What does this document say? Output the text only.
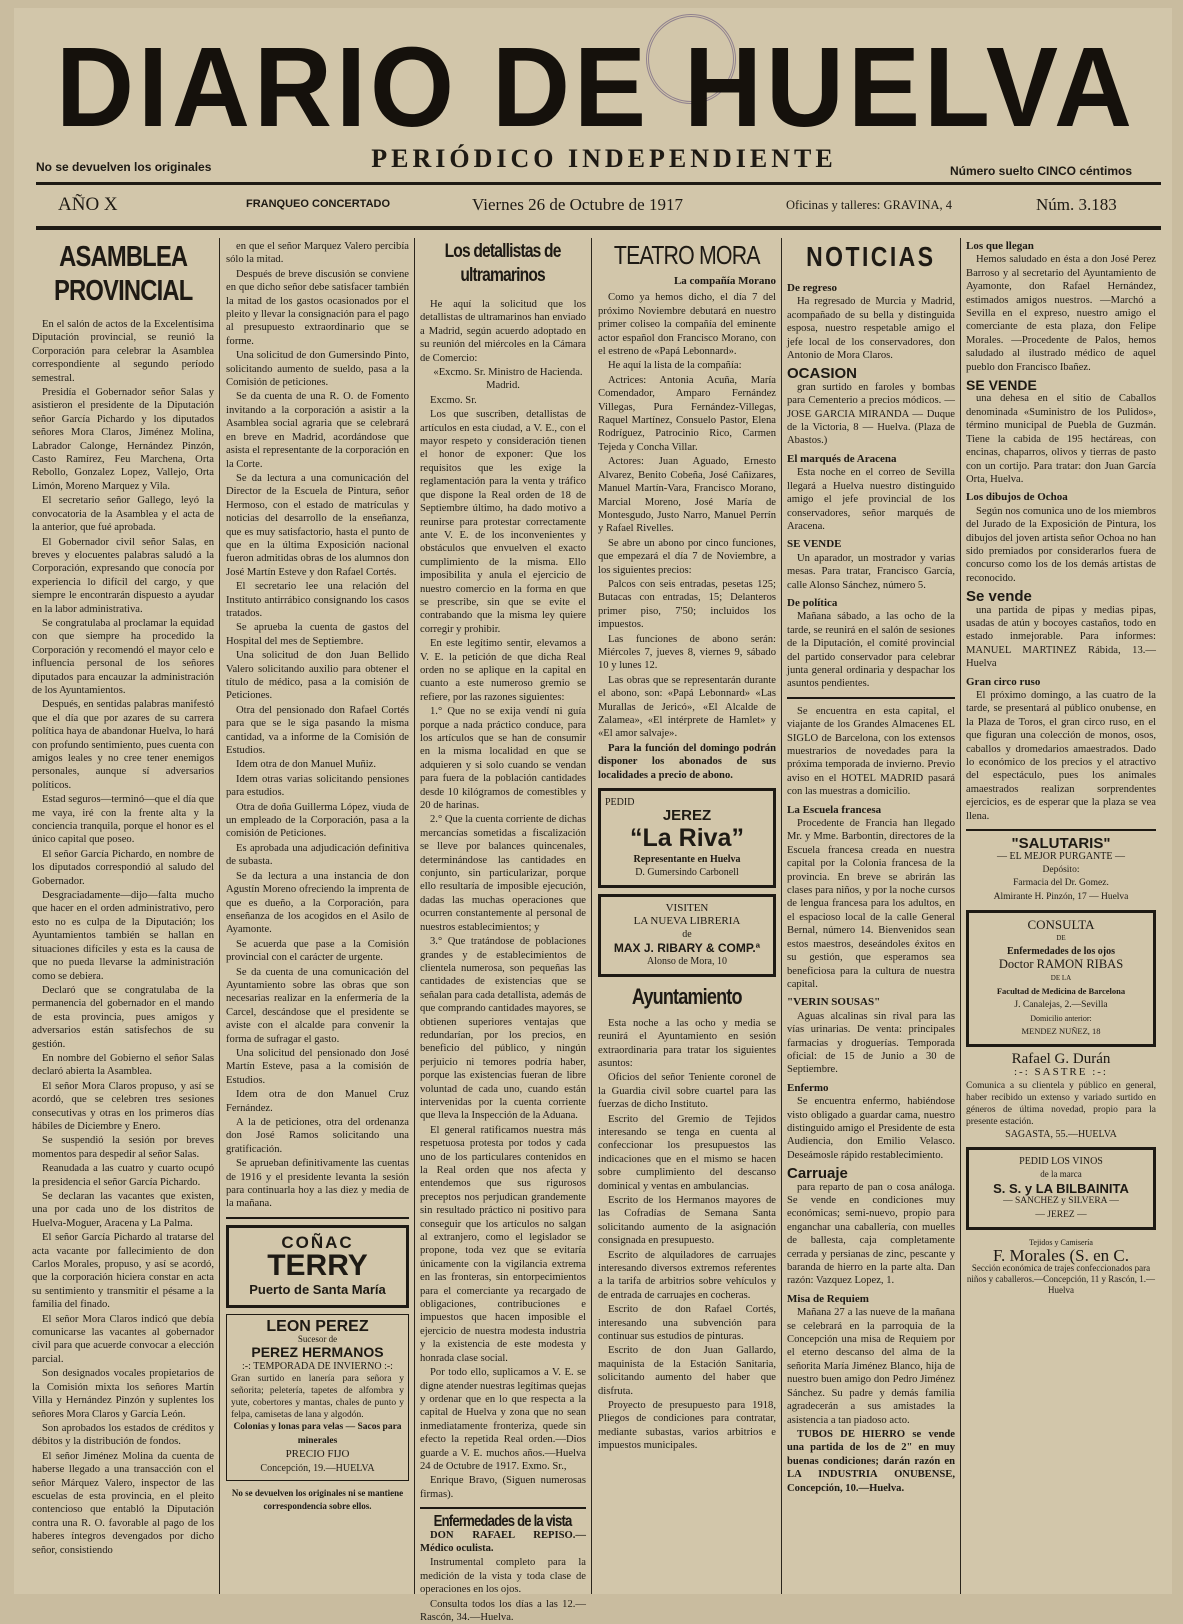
DIARIO DE HUELVA
No se devuelven los originales	PERIÓDICO INDEPENDIENTE	Número suelto CINCO céntimos
AÑO X	FRANQUEO CONCERTADO	Viernes 26 de Octubre de 1917	Oficinas y talleres: GRAVINA, 4	Núm. 3.183
ASAMBLEA PROVINCIAL

En el salón de actos de la Excelentísima Diputación provincial, se reunió la Corporación para celebrar la Asamblea correspondiente al segundo período semestral.

Presidía el Gobernador señor Salas y asistieron el presidente de la Diputación señor García Pichardo y los diputados señores Mora Claros, Jiménez Molina, Labrador Calonge, Hernández Pinzón, Casto Ramírez, Feu Marchena, Orta Rebollo, Gonzalez Lopez, Vallejo, Orta Limón, Moreno Marquez y Vila.

El secretario señor Gallego, leyó la convocatoria de la Asamblea y el acta de la anterior, que fué aprobada.

El Gobernador civil señor Salas, en breves y elocuentes palabras saludó a la Corporación, expresando que conocía por experiencia lo difícil del cargo, y que siempre le encontrarán dispuesto a ayudar en la labor administrativa.

Se congratulaba al proclamar la equidad con que siempre ha procedido la Corporación y recomendó el mayor celo e influencia personal de los señores diputados para encauzar la administración de los Ayuntamientos.

Después, en sentidas palabras manifestó que el día que por azares de su carrera política haya de abandonar Huelva, lo hará con profundo sentimiento, pues cuenta con amigos leales y no cree tener enemigos personales, aunque sí adversarios políticos.

Estad seguros—terminó—que el día que me vaya, iré con la frente alta y la conciencia tranquila, porque el honor es el único capital que poseo.

El señor García Pichardo, en nombre de los diputados correspondió al saludo del Gobernador.

Desgraciadamente—dijo—falta mucho que hacer en el orden administrativo, pero esto no es culpa de la Diputación; los Ayuntamientos también se hallan en situaciones difíciles y esta es la causa de que no pueda llevarse la administración como se debiera.

Declaró que se congratulaba de la permanencia del gobernador en el mando de esta provincia, pues amigos y adversarios están satisfechos de su gestión.

En nombre del Gobierno el señor Salas declaró abierta la Asamblea.

El señor Mora Claros propuso, y así se acordó, que se celebren tres sesiones consecutivas y otras en los primeros días hábiles de Diciembre y Enero.

Se suspendió la sesión por breves momentos para despedir al señor Salas.

Reanudada a las cuatro y cuarto ocupó la presidencia el señor García Pichardo.

Se declaran las vacantes que existen, una por cada uno de los distritos de Huelva-Moguer, Aracena y La Palma.

El señor García Pichardo al tratarse del acta vacante por fallecimiento de don Carlos Morales, propuso, y así se acordó, que la corporación hiciera constar en acta su sentimiento y transmitir el pésame a la familia del finado.

El señor Mora Claros indicó que debía comunicarse las vacantes al gobernador civil para que acuerde convocar a elección parcial.

Son designados vocales propietarios de la Comisión mixta los señores Martín Villa y Hernández Pinzón y suplentes los señores Mora Claros y García León.

Son aprobados los estados de créditos y débitos y la distribución de fondos.

El señor Jiménez Molina da cuenta de haberse llegado a una transacción con el señor Márquez Valero, inspector de las escuelas de esta provincia, en el pleito contencioso que entabló la Diputación contra una R. O. favorable al pago de los haberes íntegros devengados por dicho señor, consistiendo

en que el señor Marquez Valero percibía sólo la mitad.

Después de breve discusión se conviene en que dicho señor debe satisfacer también la mitad de los gastos ocasionados por el pleito y llevar la consignación para el pago al presupuesto extraordinario que se forme.

Una solicitud de don Gumersindo Pinto, solicitando aumento de sueldo, pasa a la Comisión de peticiones.

Se da cuenta de una R. O. de Fomento invitando a la corporación a asistir a la Asamblea social agraria que se celebrará en breve en Madrid, acordándose que asista el representante de la corporación en la Corte.

Se da lectura a una comunicación del Director de la Escuela de Pintura, señor Hermoso, con el estado de matrículas y noticias del desarrollo de la enseñanza, que es muy satisfactorio, hasta el punto de que en la última Exposición nacional fueron admitidas obras de los alumnos don José Martín Esteve y don Rafael Cortés.

El secretario lee una relación del Instituto antirrábico consignando los casos tratados.

Se aprueba la cuenta de gastos del Hospital del mes de Septiembre.

Una solicitud de don Juan Bellido Valero solicitando auxilio para obtener el título de médico, pasa a la comisión de Peticiones.

Otra del pensionado don Rafael Cortés para que se le siga pasando la misma cantidad, va a informe de la Comisión de Estudios.

Idem otra de don Manuel Muñiz.

Idem otras varias solicitando pensiones para estudios.

Otra de doña Guillerma López, viuda de un empleado de la Corporación, pasa a la comisión de Peticiones.

Es aprobada una adjudicación definitiva de subasta.

Se da lectura a una instancia de don Agustín Moreno ofreciendo la imprenta de que es dueño, a la Corporación, para enseñanza de los acogidos en el Asilo de Ayamonte.

Se acuerda que pase a la Comisión provincial con el carácter de urgente.

Se da cuenta de una comunicación del Ayuntamiento sobre las obras que son necesarias realizar en la enfermería de la Carcel, descándose que el presidente se aviste con el alcalde para convenir la forma de sufragar el gasto.

Una solicitud del pensionado don José Martín Esteve, pasa a la comisión de Estudios.

Idem otra de don Manuel Cruz Fernández.

A la de peticiones, otra del ordenanza don José Ramos solicitando una gratificación.

Se aprueban definitivamente las cuentas de 1916 y el presidente levanta la sesión para continuarla hoy a las diez y media de la mañana.

COÑAC
TERRY
Puerto de Santa María
LEON PEREZ
Sucesor de
PEREZ HERMANOS
:-: TEMPORADA DE INVIERNO :-:
Gran surtido en lanería para señora y señorita; peletería, tapetes de alfombra y yute, cobertores y mantas, chales de punto y felpa, camisetas de lana y algodón.
Colonias y lonas para velas — Sacos para minerales
PRECIO FIJO
Concepción, 19.—HUELVA
No se devuelven los originales ni se mantiene correspondencia sobre ellos.
Los detallistas de ultramarinos

He aquí la solicitud que los detallistas de ultramarinos han enviado a Madrid, según acuerdo adoptado en su reunión del miércoles en la Cámara de Comercio:

«Excmo. Sr. Ministro de Hacienda. Madrid.

Excmo. Sr.

Los que suscriben, detallistas de artículos en esta ciudad, a V. E., con el mayor respeto y consideración tienen el honor de exponer: Que los requisitos que les exige la reglamentación para la venta y tráfico que dispone la Real orden de 18 de Septiembre último, ha dado motivo a reunirse para protestar correctamente ante V. E. de los inconvenientes y obstáculos que envuelven el exacto cumplimiento de la misma. Ello imposibilita y anula el ejercicio de nuestro comercio en la forma en que se prescribe, sin que se evite el contrabando que la misma ley quiere corregir y prohibir.

En este legítimo sentir, elevamos a V. E. la petición de que dicha Real orden no se aplique en la capital en cuanto a este numeroso gremio se refiere, por las razones siguientes:

1.° Que no se exija vendí ni guía porque a nada práctico conduce, para los artículos que se han de consumir en la misma localidad en que se adquieren y si solo cuando se vendan para fuera de la población cantidades desde 10 kilógramos de comestibles y 20 de harinas.

2.° Que la cuenta corriente de dichas mercancías sometidas a fiscalización se lleve por balances quincenales, determinándose las cantidades en conjunto, sin particularizar, porque ello resultaría de imposible ejecución, dadas las muchas operaciones que ocurren constantemente al personal de nuestros establecimientos; y

3.° Que tratándose de poblaciones grandes y de establecimientos de clientela numerosa, son pequeñas las cantidades de existencias que se señalan para cada detallista, además de que comprando cantidades mayores, se obtienen superiores ventajas que redundarían, por los precios, en beneficio del público, y ningún perjuicio ni temores podría haber, porque las existencias fueran de libre voluntad de cada uno, cuando están intervenidas por la cuenta corriente que lleva la Inspección de la Aduana.

El general ratificamos nuestra más respetuosa protesta por todos y cada uno de los particulares contenidos en la Real orden que nos afecta y entendemos que sus rigurosos preceptos nos perjudican grandemente sin resultado práctico ni positivo para conseguir que los artículos no salgan al extranjero, como el legislador se propone, toda vez que se evitaría únicamente con la vigilancia extrema en las fronteras, sin entorpecimientos para el comerciante ya recargado de obligaciones, contribuciones e impuestos que hacen imposible el ejercicio de nuestra modesta industria y la existencia de este modesta y honrada clase social.

Por todo ello, suplicamos a V. E. se digne atender nuestras legítimas quejas y ordenar que en lo que respecta a la capital de Huelva y zona que no sean inmediatamente fronteriza, quede sin efecto la repetida Real orden.—Dios guarde a V. E. muchos años.—Huelva 24 de Octubre de 1917. Exmo. Sr.,

Enrique Bravo, (Siguen numerosas firmas).

Enfermedades de la vista

DON RAFAEL REPISO.—Médico oculista.

Instrumental completo para la medición de la vista y toda clase de operaciones en los ojos.

Consulta todos los días a las 12.—Rascón, 34.—Huelva.

TEATRO MORA
La compañía Morano

Como ya hemos dicho, el día 7 del próximo Noviembre debutará en nuestro primer coliseo la compañía del eminente actor español don Francisco Morano, con el estreno de «Papá Lebonnard».

He aquí la lista de la compañía:

Actrices: Antonia Acuña, María Comendador, Amparo Fernández Villegas, Pura Fernández-Villegas, Raquel Martínez, Consuelo Pastor, Elena Rodríguez, Patrocinio Rico, Carmen Tejeda y Concha Villar.

Actores: Juan Aguado, Ernesto Alvarez, Benito Cobeña, José Cañizares, Manuel Martín-Vara, Francisco Morano, Marcial Moreno, José María de Montesgudo, Justo Narro, Manuel Perrín y Rafael Rivelles.

Se abre un abono por cinco funciones, que empezará el día 7 de Noviembre, a los siguientes precios:

Palcos con seis entradas, pesetas 125; Butacas con entradas, 15; Delanteros primer piso, 7'50; incluidos los impuestos.

Las funciones de abono serán: Miércoles 7, jueves 8, viernes 9, sábado 10 y lunes 12.

Las obras que se representarán durante el abono, son: «Papá Lebonnard» «Las Murallas de Jericó», «El Alcalde de Zalamea», «El intérprete de Hamlet» y «El amor salvaje».

Para la función del domingo podrán disponer los abonados de sus localidades a precio de abono.

PEDID
JEREZ
“La Riva”
Representante en Huelva
D. Gumersindo Carbonell
VISITEN
LA NUEVA LIBRERIA
de
MAX J. RIBARY & COMP.ª
Alonso de Mora, 10
Ayuntamiento

Esta noche a las ocho y media se reunirá el Ayuntamiento en sesión extraordinaria para tratar los siguientes asuntos:

Oficios del señor Teniente coronel de la Guardia civil sobre cuartel para las fuerzas de dicho Instituto.

Escrito del Gremio de Tejidos interesando se tenga en cuenta al confeccionar los presupuestos las indicaciones que en el mismo se hacen sobre cumplimiento del descanso dominical y ventas en ambulancias.

Escrito de los Hermanos mayores de las Cofradías de Semana Santa solicitando aumento de la asignación consignada en presupuesto.

Escrito de alquiladores de carruajes interesando diversos extremos referentes a la tarifa de arbitrios sobre vehículos y de entrada de carruajes en cocheras.

Escrito de don Rafael Cortés, interesando una subvención para continuar sus estudios de pinturas.

Escrito de don Juan Gallardo, maquinista de la Estación Sanitaria, solicitando aumento del haber que disfruta.

Proyecto de presupuesto para 1918, Pliegos de condiciones para contratar, mediante subastas, varios arbitrios e impuestos municipales.

NOTICIAS
De regreso

Ha regresado de Murcia y Madrid, acompañado de su bella y distinguida esposa, nuestro respetable amigo el jefe local de los conservadores, don Antonio de Mora Claros.

OCASION

gran surtido en faroles y bombas para Cementerio a precios módicos. — JOSE GARCIA MIRANDA — Duque de la Victoria, 8 — Huelva. (Plaza de Abastos.)

El marqués de Aracena

Esta noche en el correo de Sevilla llegará a Huelva nuestro distinguido amigo el jefe provincial de los conservadores, señor marqués de Aracena.

SE VENDE

Un aparador, un mostrador y varias mesas. Para tratar, Francisco García, calle Alonso Sánchez, número 5.

De política

Mañana sábado, a las ocho de la tarde, se reunirá en el salón de sesiones de la Diputación, el comité provincial del partido conservador para celebrar junta general ordinaria y despachar los asuntos pendientes.

Se encuentra en esta capital, el viajante de los Grandes Almacenes EL SIGLO de Barcelona, con los extensos muestrarios de novedades para la próxima temporada de invierno. Previo aviso en el HOTEL MADRID pasará con las muestras a domicilio.

La Escuela francesa

Procedente de Francia han llegado Mr. y Mme. Barbontin, directores de la Escuela francesa creada en nuestra capital por la Colonia francesa de la provincia. En breve se abrirán las clases para niños, y por la noche cursos de lengua francesa para los adultos, en el espacioso local de la calle General Bernal, número 14. Bienvenidos sean estos maestros, deseándoles éxitos en su gestión, que esperamos sea beneficiosa para la cultura de nuestra capital.

"VERIN SOUSAS"

Aguas alcalinas sin rival para las vías urinarias. De venta: principales farmacias y droguerías. Temporada oficial: de 15 de Junio a 30 de Septiembre.

Enfermo

Se encuentra enfermo, habiéndose visto obligado a guardar cama, nuestro distinguido amigo el Presidente de esta Audiencia, don Emilio Velasco. Deseámosle rápido restablecimiento.

Carruaje

para reparto de pan o cosa análoga. Se vende en condiciones muy económicas; semi-nuevo, propio para enganchar una caballería, con muelles de ballesta, caja completamente cerrada y persianas de zinc, pescante y baranda de hierro en la parte alta. Dan razón: Vazquez Lopez, 1.

Misa de Requiem

Mañana 27 a las nueve de la mañana se celebrará en la parroquia de la Concepción una misa de Requiem por el eterno descanso del alma de la señorita María Jiménez Blanco, hija de nuestro buen amigo don Pedro Jiménez Sánchez. Su padre y demás familia agradecerán a sus amistades la asistencia a tan piadoso acto.

TUBOS DE HIERRO se vende una partida de los de 2" en muy buenas condiciones; darán razón en LA INDUSTRIA ONUBENSE, Concepción, 10.—Huelva.

Los que llegan

Hemos saludado en ésta a don José Perez Barroso y al secretario del Ayuntamiento de Ayamonte, don Rafael Hernández, estimados amigos nuestros. —Marchó a Sevilla en el expreso, nuestro amigo el comerciante de esta plaza, don Felipe Morales. —Procedente de Palos, hemos saludado al ilustrado médico de aquel pueblo don Francisco Ibañez.

SE VENDE

una dehesa en el sitio de Caballos denominada «Suministro de los Pulidos», término municipal de Puebla de Guzmán. Tiene la cabida de 195 hectáreas, con encinas, chaparros, olivos y tierras de pasto con un cortijo. Para tratar: don Juan García Orta, Huelva.

Los dibujos de Ochoa

Según nos comunica uno de los miembros del Jurado de la Exposición de Pintura, los dibujos del joven artista señor Ochoa no han sido premiados por considerarlos fuera de concurso como los de los demás artistas de reconocido.

Se vende

una partida de pipas y medias pipas, usadas de atún y bocoyes castaños, todo en estado inmejorable. Para informes: MANUEL MARTINEZ Rábida, 13.—Huelva

Gran circo ruso

El próximo domingo, a las cuatro de la tarde, se presentará al público onubense, en la Plaza de Toros, el gran circo ruso, en el que figuran una colección de monos, osos, caballos y dromedarios amaestrados. Dado lo económico de los precios y el atractivo del espectáculo, pues los animales amaestrados realizan sorprendentes ejercicios, es de esperar que la plaza se vea llena.

"SALUTARIS"
— EL MEJOR PURGANTE —
Depósito:
Farmacia del Dr. Gomez.
Almirante H. Pinzón, 17 — Huelva
CONSULTA
DE
Enfermedades de los ojos
Doctor RAMON RIBAS
DE LA
Facultad de Medicina de Barcelona
J. Canalejas, 2.—Sevilla
Domicilio anterior:
MENDEZ NUÑEZ, 18
Rafael G. Durán
:-: SASTRE :-:
Comunica a su clientela y público en general, haber recibido un extenso y variado surtido en géneros de última novedad, propio para la presente estación.
SAGASTA, 55.—HUELVA
PEDID LOS VINOS
de la marca
S. S. y LA BILBAINITA
— SANCHEZ y SILVERA —
— JEREZ —
Tejidos y Camisería
F. Morales (S. en C.
Sección económica de trajes confeccionados para niños y caballeros.—Concepción, 11 y Rascón, 1.—Huelva
